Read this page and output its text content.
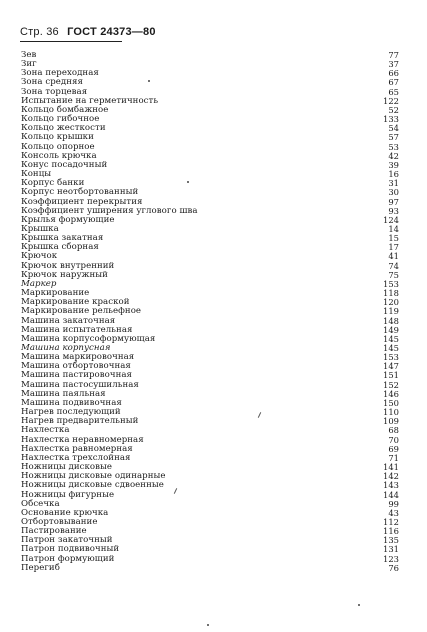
Стр. 36 ГОСТ 24373—80
Зев	77
Зиг	37
Зона переходная	66
Зона средняя	67
Зона торцевая	65
Испытание на герметичность	122
Кольцо бомбажное	52
Кольцо гибочное	133
Кольцо жесткости	54
Кольцо крышки	57
Кольцо опорное	53
Консоль крючка	42
Конус посадочный	39
Концы	16
Корпус банки	31
Корпус неотбортованный	30
Коэффициент перекрытия	97
Коэффициент уширения углового шва	93
Крылья формующие	124
Крышка	14
Крышка закатная	15
Крышка сборная	17
Крючок	41
Крючок внутренний	74
Крючок наружный	75
Маркер	153
Маркирование	118
Маркирование краской	120
Маркирование рельефное	119
Машина закаточная	148
Машина испытательная	149
Машина корпусоформующая	145
Машина корпусная	145
Машина маркировочная	153
Машина отбортовочная	147
Машина пастировочная	151
Машина пастосушильная	152
Машина паяльная	146
Машина подвивочная	150
Нагрев последующий	110
Нагрев предварительный	109
Нахлестка	68
Нахлестка неравномерная	70
Нахлестка равномерная	69
Нахлестка трехслойная	71
Ножницы дисковые	141
Ножницы дисковые одинарные	142
Ножницы дисковые сдвоенные	143
Ножницы фигурные	144
Обсечка	99
Основание крючка	43
Отбортовывание	112
Пастирование	116
Патрон закаточный	135
Патрон подвивочный	131
Патрон формующий	123
Перегиб	76
